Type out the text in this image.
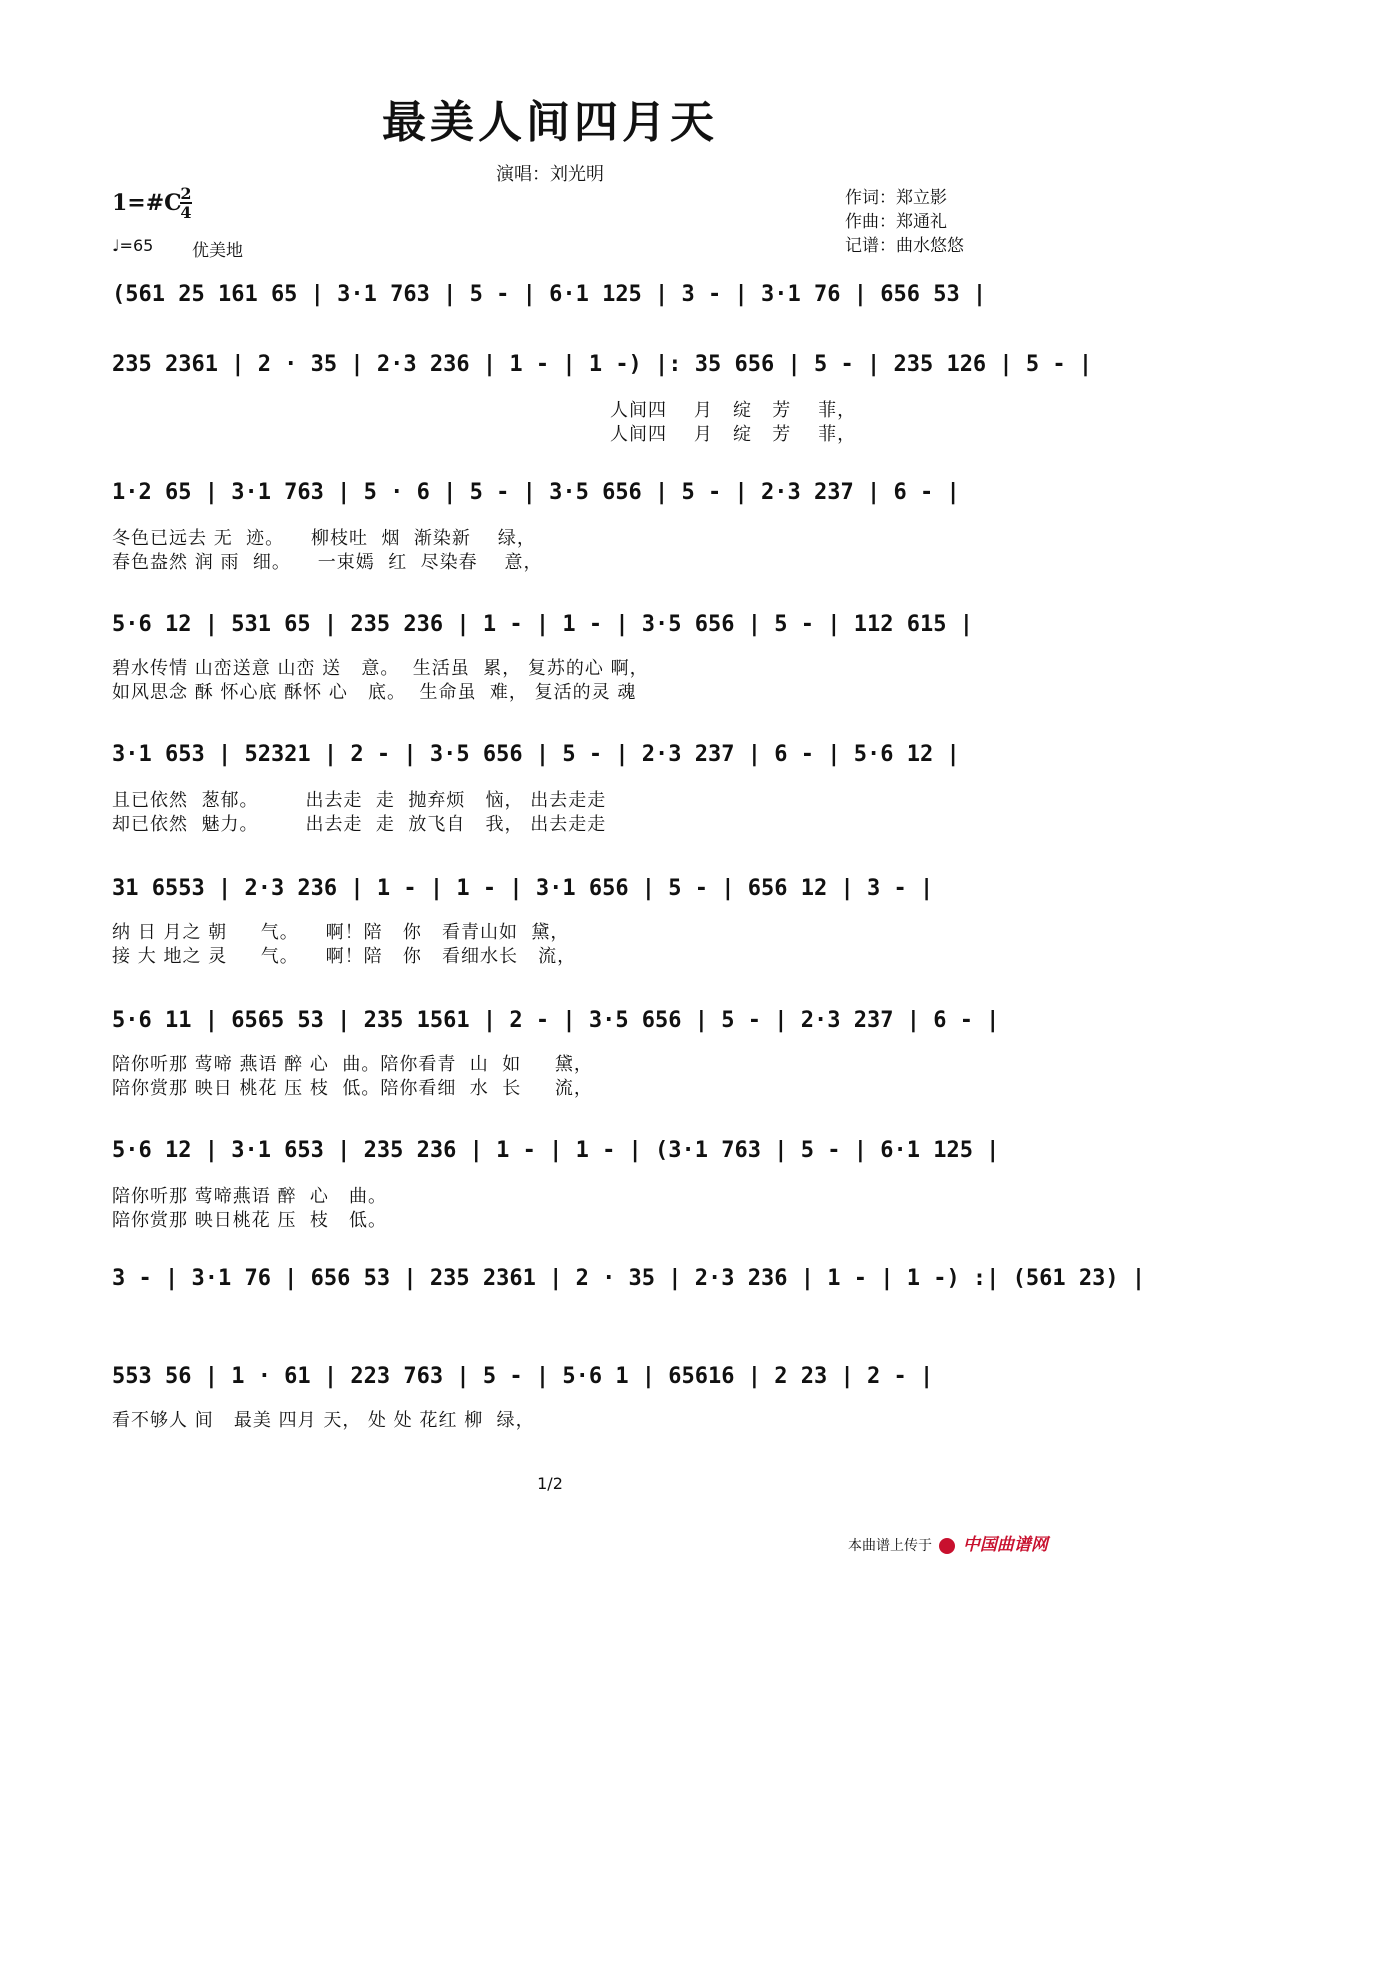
最美人间四月天
演唱：刘光明
1=#C
2
4
♩=65 优美地
作词：郑立影
作曲：郑通礼
记谱：曲水悠悠
(561 25 161 65 | 3·1 763 | 5 - | 6·1 125 | 3 - | 3·1 76 | 656 53 |
235 2361 | 2 · 35 | 2·3 236 | 1 - | 1 -) |: 35 656 | 5 - | 235 126 | 5 - |
人间四    月   绽   芳    菲，
人间四    月   绽   芳    菲，
1·2 65 | 3·1 763 | 5 · 6 | 5 - | 3·5 656 | 5 - | 2·3 237 | 6 - |
冬色已远去 无  迹。    柳枝吐  烟  渐染新    绿，
春色盎然 润 雨  细。    一束嫣  红  尽染春    意，
5·6 12 | 531 65 | 235 236 | 1 - | 1 - | 3·5 656 | 5 - | 112 615 |
碧水传情 山峦送意 山峦 送   意。  生活虽  累， 复苏的心 啊，
如风思念 酥 怀心底 酥怀 心   底。  生命虽  难， 复活的灵 魂
3·1 653 | 52321 | 2 - | 3·5 656 | 5 - | 2·3 237 | 6 - | 5·6 12 |
且已依然  葱郁。       出去走  走  抛弃烦   恼， 出去走走
却已依然  魅力。       出去走  走  放飞自   我， 出去走走
31 6553 | 2·3 236 | 1 - | 1 - | 3·1 656 | 5 - | 656 12 | 3 - |
纳 日 月之 朝     气。    啊！陪   你   看青山如  黛，
接 大 地之 灵     气。    啊！陪   你   看细水长   流，
5·6 11 | 6565 53 | 235 1561 | 2 - | 3·5 656 | 5 - | 2·3 237 | 6 - |
陪你听那 莺啼 燕语 醉 心  曲。陪你看青  山  如     黛，
陪你赏那 映日 桃花 压 枝  低。陪你看细  水  长     流，
5·6 12 | 3·1 653 | 235 236 | 1 - | 1 - | (3·1 763 | 5 - | 6·1 125 |
陪你听那 莺啼燕语 醉  心   曲。
陪你赏那 映日桃花 压  枝   低。
3 - | 3·1 76 | 656 53 | 235 2361 | 2 · 35 | 2·3 236 | 1 - | 1 -) :| (561 23) |
553 56 | 1 · 61 | 223 763 | 5 - | 5·6 1 | 65616 | 2 23 | 2 - |
看不够人 间   最美 四月 天， 处 处 花红 柳  绿，
1/2
本曲谱上传于 中国曲谱网
